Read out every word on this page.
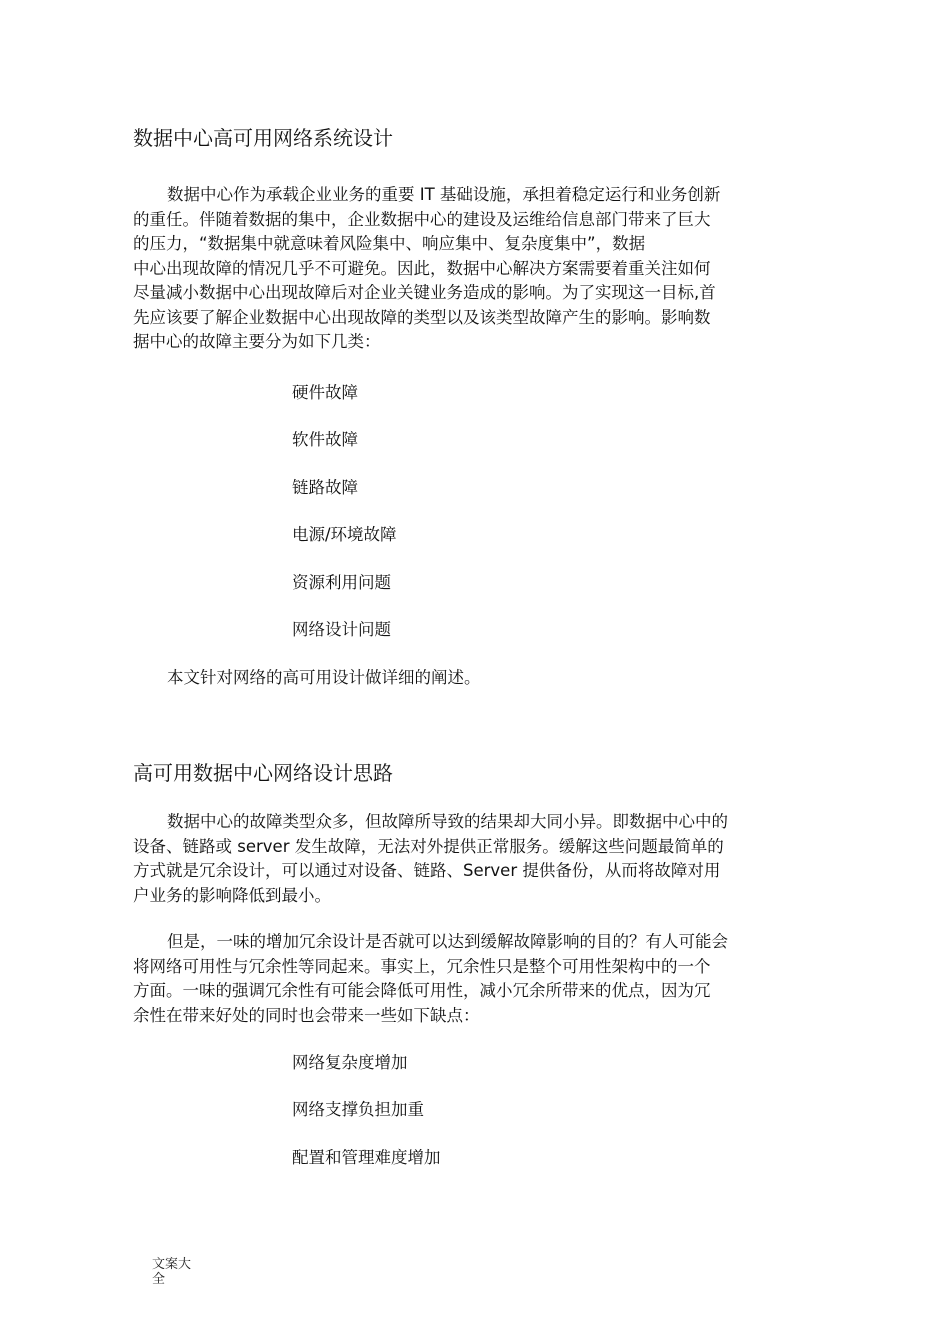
数据中心高可用网络系统设计
数据中心作为承载企业业务的重要 IT 基础设施，承担着稳定运行和业务创新
的重任。伴随着数据的集中，企业数据中心的建设及运维给信息部门带来了巨大
的压力，“数据集中就意味着风险集中、响应集中、复杂度集中”，数据
中心出现故障的情况几乎不可避免。因此，数据中心解决方案需要着重关注如何
尽量减小数据中心出现故障后对企业关键业务造成的影响。为了实现这一目标,首
先应该要了解企业数据中心出现故障的类型以及该类型故障产生的影响。影响数
据中心的故障主要分为如下几类：

硬件故障

软件故障

链路故障

电源/环境故障

资源利用问题

网络设计问题

本文针对网络的高可用设计做详细的阐述。

高可用数据中心网络设计思路
数据中心的故障类型众多，但故障所导致的结果却大同小异。即数据中心中的
设备、链路或 server 发生故障，无法对外提供正常服务。缓解这些问题最简单的
方式就是冗余设计，可以通过对设备、链路、Server 提供备份，从而将故障对用
户业务的影响降低到最小。
但是，一味的增加冗余设计是否就可以达到缓解故障影响的目的？有人可能会
将网络可用性与冗余性等同起来。事实上，冗余性只是整个可用性架构中的一个
方面。一味的强调冗余性有可能会降低可用性，减小冗余所带来的优点，因为冗
余性在带来好处的同时也会带来一些如下缺点：

网络复杂度增加

网络支撑负担加重

配置和管理难度增加

文案大全
